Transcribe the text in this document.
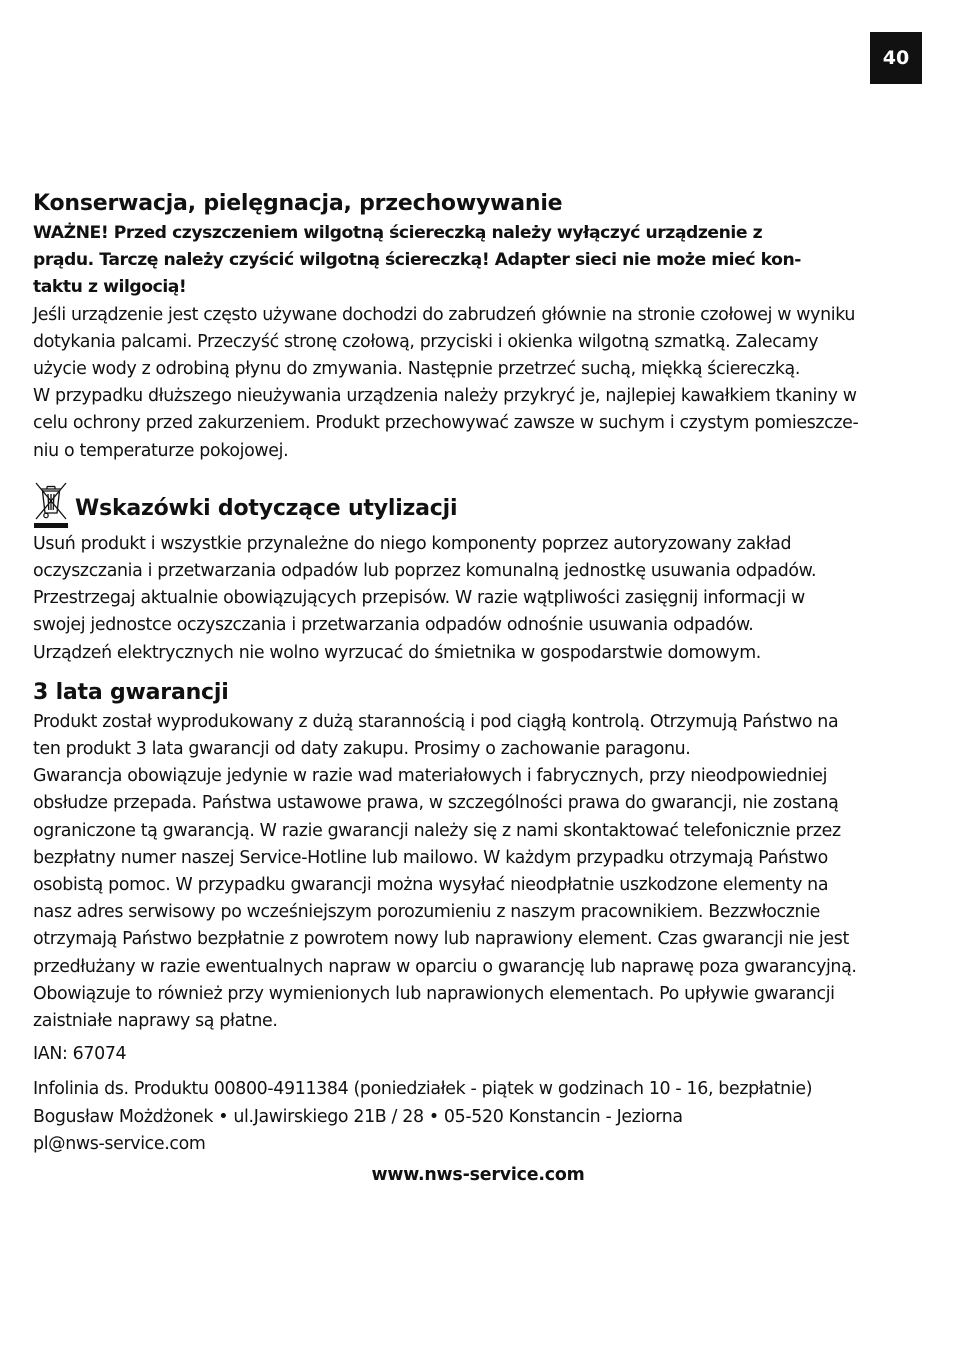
40
Konserwacja, pielęgnacja, przechowywanie

WAŻNE! Przed czyszczeniem wilgotną ściereczką należy wyłączyć urządzenie z
prądu. Tarczę należy czyścić wilgotną ściereczką! Adapter sieci nie może mieć kon-
taktu z wilgocią!

Jeśli urządzenie jest często używane dochodzi do zabrudzeń głównie na stronie czołowej w wyniku
dotykania palcami. Przeczyść stronę czołową, przyciski i okienka wilgotną szmatką. Zalecamy
użycie wody z odrobiną płynu do zmywania. Następnie przetrzeć suchą, miękką ściereczką.
W przypadku dłuższego nieużywania urządzenia należy przykryć je, najlepiej kawałkiem tkaniny w
celu ochrony przed zakurzeniem. Produkt przechowywać zawsze w suchym i czystym pomieszcze-
niu o temperaturze pokojowej.

Wskazówki dotyczące utylizacji

Usuń produkt i wszystkie przynależne do niego komponenty poprzez autoryzowany zakład
oczyszczania i przetwarzania odpadów lub poprzez komunalną jednostkę usuwania odpadów.
Przestrzegaj aktualnie obowiązujących przepisów. W razie wątpliwości zasięgnij informacji w
swojej jednostce oczyszczania i przetwarzania odpadów odnośnie usuwania odpadów.
Urządzeń elektrycznych nie wolno wyrzucać do śmietnika w gospodarstwie domowym.

3 lata gwarancji

Produkt został wyprodukowany z dużą starannością i pod ciągłą kontrolą. Otrzymują Państwo na
ten produkt 3 lata gwarancji od daty zakupu. Prosimy o zachowanie paragonu.
Gwarancja obowiązuje jedynie w razie wad materiałowych i fabrycznych, przy nieodpowiedniej
obsłudze przepada. Państwa ustawowe prawa, w szczególności prawa do gwarancji, nie zostaną
ograniczone tą gwarancją. W razie gwarancji należy się z nami skontaktować telefonicznie przez
bezpłatny numer naszej Service-Hotline lub mailowo. W każdym przypadku otrzymają Państwo
osobistą pomoc. W przypadku gwarancji można wysyłać nieodpłatnie uszkodzone elementy na
nasz adres serwisowy po wcześniejszym porozumieniu z naszym pracownikiem. Bezzwłocznie
otrzymają Państwo bezpłatnie z powrotem nowy lub naprawiony element. Czas gwarancji nie jest
przedłużany w razie ewentualnych napraw w oparciu o gwarancję lub naprawę poza gwarancyjną.
Obowiązuje to również przy wymienionych lub naprawionych elementach. Po upływie gwarancji
zaistniałe naprawy są płatne.

IAN: 67074

Infolinia ds. Produktu 00800-4911384 (poniedziałek - piątek w godzinach 10 - 16, bezpłatnie)
Bogusław Możdżonek • ul.Jawirskiego 21B / 28 • 05-520 Konstancin - Jeziorna
pl@nws-service.com

www.nws-service.com
